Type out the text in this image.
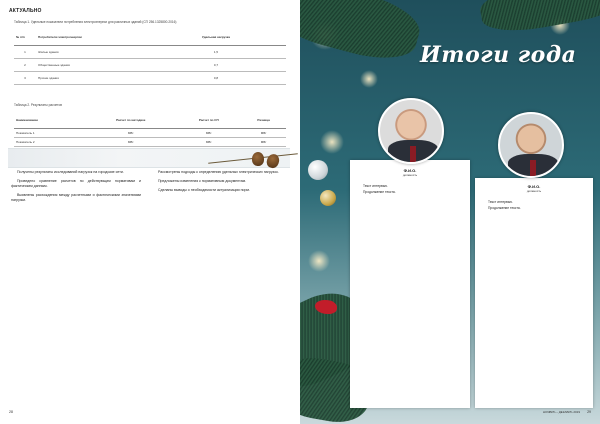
АКТУАЛЬНО
Таблица 1. Удельные показатели потребления электроэнергии для различных зданий (СП 256.1325800.2016)
№ п/п	Потребители электроэнергии	Удельная нагрузка
1	Жилые здания	1,5
2	Общественные здания	0,7
3	Прочие здания	0,8
Таблица 2. Результаты расчетов
Наименование	Расчет по методике	Расчет по СП	Разница
Показатель 1	МВт	МВт	МВт
Показатель 2	МВт	МВт	МВт

Получены результаты исследований нагрузок на городские сети.

Проведено сравнение расчетов по действующим нормативам и фактическим данным.

Выявлены расхождения между расчетными и фактическими значениями нагрузки.

Рассмотрены подходы к определению удельных электрических нагрузок.

Предложены изменения к нормативным документам.

Сделаны выводы о необходимости актуализации норм.

28
Итоги года
Ф.И.О.
должность

Текст интервью.

Продолжение текста.

Ф.И.О.
должность

Текст интервью.

Продолжение текста.

НОЯБРЬ – ДЕКАБРЬ 2019 29
